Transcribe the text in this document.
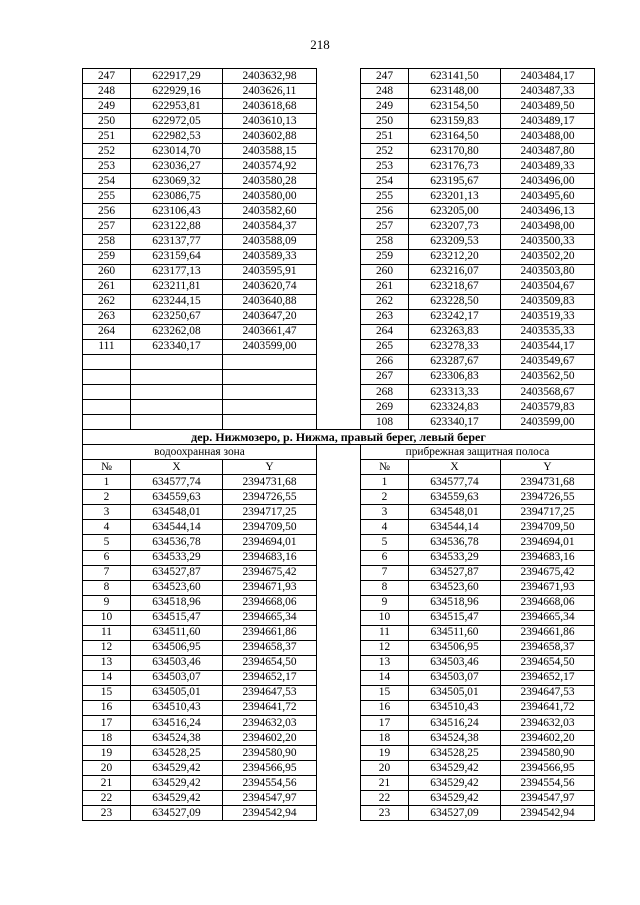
218
247	622917,29	2403632,98		247	623141,50	2403484,17
248	622929,16	2403626,11		248	623148,00	2403487,33
249	622953,81	2403618,68		249	623154,50	2403489,50
250	622972,05	2403610,13		250	623159,83	2403489,17
251	622982,53	2403602,88		251	623164,50	2403488,00
252	623014,70	2403588,15		252	623170,80	2403487,80
253	623036,27	2403574,92		253	623176,73	2403489,33
254	623069,32	2403580,28		254	623195,67	2403496,00
255	623086,75	2403580,00		255	623201,13	2403495,60
256	623106,43	2403582,60		256	623205,00	2403496,13
257	623122,88	2403584,37		257	623207,73	2403498,00
258	623137,77	2403588,09		258	623209,53	2403500,33
259	623159,64	2403589,33		259	623212,20	2403502,20
260	623177,13	2403595,91		260	623216,07	2403503,80
261	623211,81	2403620,74		261	623218,67	2403504,67
262	623244,15	2403640,88		262	623228,50	2403509,83
263	623250,67	2403647,20		263	623242,17	2403519,33
264	623262,08	2403661,47		264	623263,83	2403535,33
111	623340,17	2403599,00		265	623278,33	2403544,17
				266	623287,67	2403549,67
				267	623306,83	2403562,50
				268	623313,33	2403568,67
				269	623324,83	2403579,83
				108	623340,17	2403599,00
дер. Нижмозеро, р. Нижма, правый берег, левый берег						
водоохранная зона				прибрежная защитная полоса		
№	X	Y		№	X	Y
1	634577,74	2394731,68		1	634577,74	2394731,68
2	634559,63	2394726,55		2	634559,63	2394726,55
3	634548,01	2394717,25		3	634548,01	2394717,25
4	634544,14	2394709,50		4	634544,14	2394709,50
5	634536,78	2394694,01		5	634536,78	2394694,01
6	634533,29	2394683,16		6	634533,29	2394683,16
7	634527,87	2394675,42		7	634527,87	2394675,42
8	634523,60	2394671,93		8	634523,60	2394671,93
9	634518,96	2394668,06		9	634518,96	2394668,06
10	634515,47	2394665,34		10	634515,47	2394665,34
11	634511,60	2394661,86		11	634511,60	2394661,86
12	634506,95	2394658,37		12	634506,95	2394658,37
13	634503,46	2394654,50		13	634503,46	2394654,50
14	634503,07	2394652,17		14	634503,07	2394652,17
15	634505,01	2394647,53		15	634505,01	2394647,53
16	634510,43	2394641,72		16	634510,43	2394641,72
17	634516,24	2394632,03		17	634516,24	2394632,03
18	634524,38	2394602,20		18	634524,38	2394602,20
19	634528,25	2394580,90		19	634528,25	2394580,90
20	634529,42	2394566,95		20	634529,42	2394566,95
21	634529,42	2394554,56		21	634529,42	2394554,56
22	634529,42	2394547,97		22	634529,42	2394547,97
23	634527,09	2394542,94		23	634527,09	2394542,94
